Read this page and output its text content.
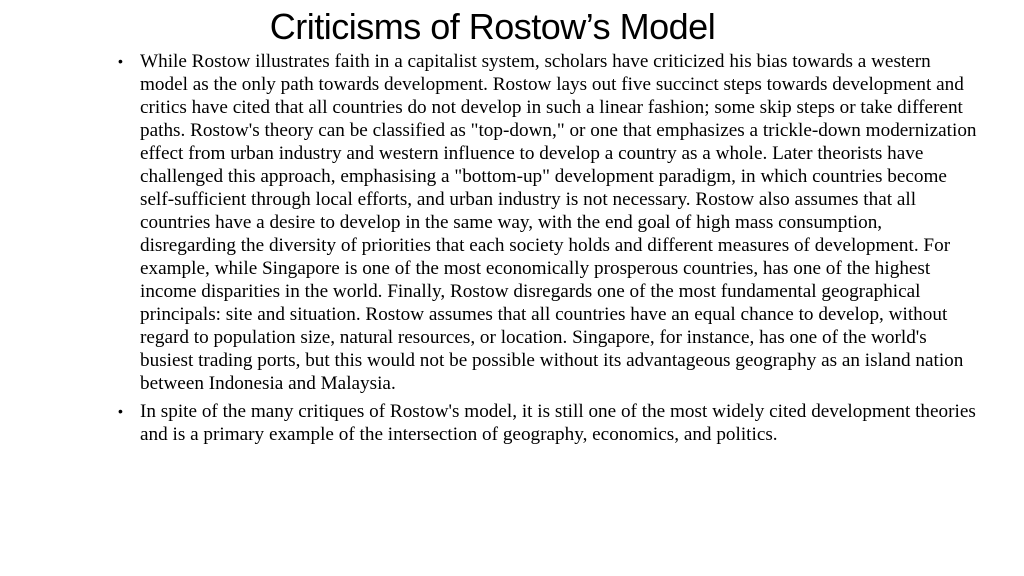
Criticisms of Rostow’s Model
• While Rostow illustrates faith in a capitalist system, scholars have criticized his bias towards a western model as the only path towards development. Rostow lays out five succinct steps towards development and critics have cited that all countries do not develop in such a linear fashion; some skip steps or take different paths. Rostow's theory can be classified as "top-down," or one that emphasizes a trickle-down modernization effect from urban industry and western influence to develop a country as a whole. Later theorists have challenged this approach, emphasising a "bottom-up" development paradigm, in which countries become self-sufficient through local efforts, and urban industry is not necessary. Rostow also assumes that all countries have a desire to develop in the same way, with the end goal of high mass consumption, disregarding the diversity of priorities that each society holds and different measures of development. For example, while Singapore is one of the most economically prosperous countries, has one of the highest income disparities in the world. Finally, Rostow disregards one of the most fundamental geographical principals: site and situation. Rostow assumes that all countries have an equal chance to develop, without regard to population size, natural resources, or location. Singapore, for instance, has one of the world's busiest trading ports, but this would not be possible without its advantageous geography as an island nation between Indonesia and Malaysia.
• In spite of the many critiques of Rostow's model, it is still one of the most widely cited development theories and is a primary example of the intersection of geography, economics, and politics.
